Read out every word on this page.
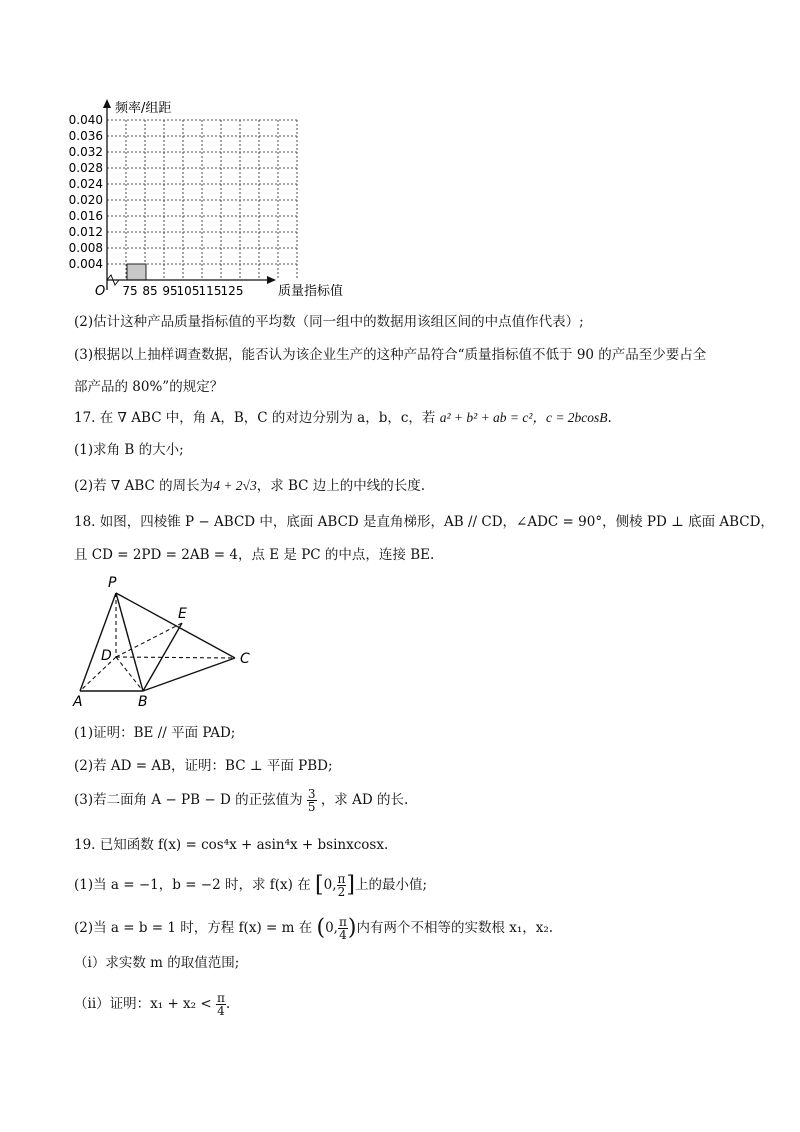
0.040
0.036
0.032
0.028
0.024
0.020
0.016
0.012
0.008
0.004
75 85 95
105 115 125
频率/组距
质量指标值
O
(2)估计这种产品质量指标值的平均数（同一组中的数据用该组区间的中点值作代表）;
(3)根据以上抽样调查数据，能否认为该企业生产的这种产品符合“质量指标值不低于 90 的产品至少要占全
部产品的 80%”的规定？
17. 在 ∇ ABC 中，角 A，B，C 的对边分别为 a，b，c，若 a² + b² + ab = c²，c = 2bcosB.
(1)求角 B 的大小;
(2)若 ∇ ABC 的周长为4 + 2√3，求 BC 边上的中线的长度.
18. 如图，四棱锥 P − ABCD 中，底面 ABCD 是直角梯形，AB // CD，∠ADC = 90°，侧棱 PD ⊥ 底面 ABCD，
且 CD = 2PD = 2AB = 4，点 E 是 PC 的中点，连接 BE.
P
E
D	C
A	B
(1)证明：BE // 平面 PAD;
(2)若 AD = AB，证明：BC ⊥ 平面 PBD;
(3)若二面角 A − PB − D 的正弦值为 $\frac{3}{5}$ ，求 AD 的长.
19. 已知函数 f(x) = cos⁴x + asin⁴x + bsinxcosx.
(1)当 a = −1，b = −2 时，求 f(x) 在 [0, $\frac{\pi}{2}$ ]上的最小值;
(2)当 a = b = 1 时，方程 f(x) = m 在 (0, $\frac{\pi}{4}$ )内有两个不相等的实数根 x₁，x₂.
（i）求实数 m 的取值范围;
（ii）证明：$x_1 + x_2 < \frac{\pi}{4}$ .
